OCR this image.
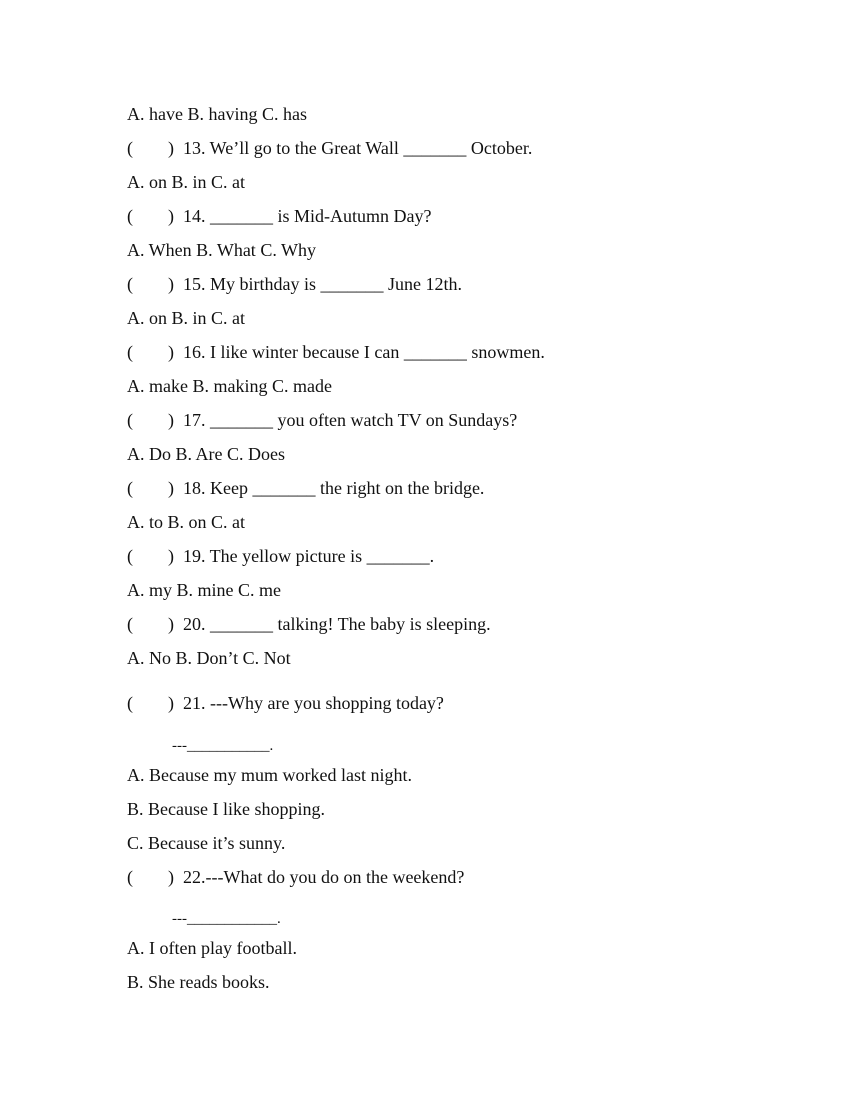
A. have B. having C. has
( )  13. We’ll go to the Great Wall _______ October.
A. on B. in C. at
( )  14. _______ is Mid-Autumn Day?
A. When B. What C. Why
( )  15. My birthday is _______ June 12th.
A. on B. in C. at
( )  16. I like winter because I can _______ snowmen.
A. make B. making C. made
( )  17. _______ you often watch TV on Sundays?
A. Do B. Are C. Does
( )  18. Keep _______ the right on the bridge.
A. to B. on C. at
( )  19. The yellow picture is _______.
A. my B. mine C. me
( )  20. _______ talking! The baby is sleeping.
A. No B. Don’t C. Not
( )  21. ---Why are you shopping today?
---___________.
A. Because my mum worked last night.
B. Because I like shopping.
C. Because it’s sunny.
( )  22.---What do you do on the weekend?
---____________.
A. I often play football.
B. She reads books.
